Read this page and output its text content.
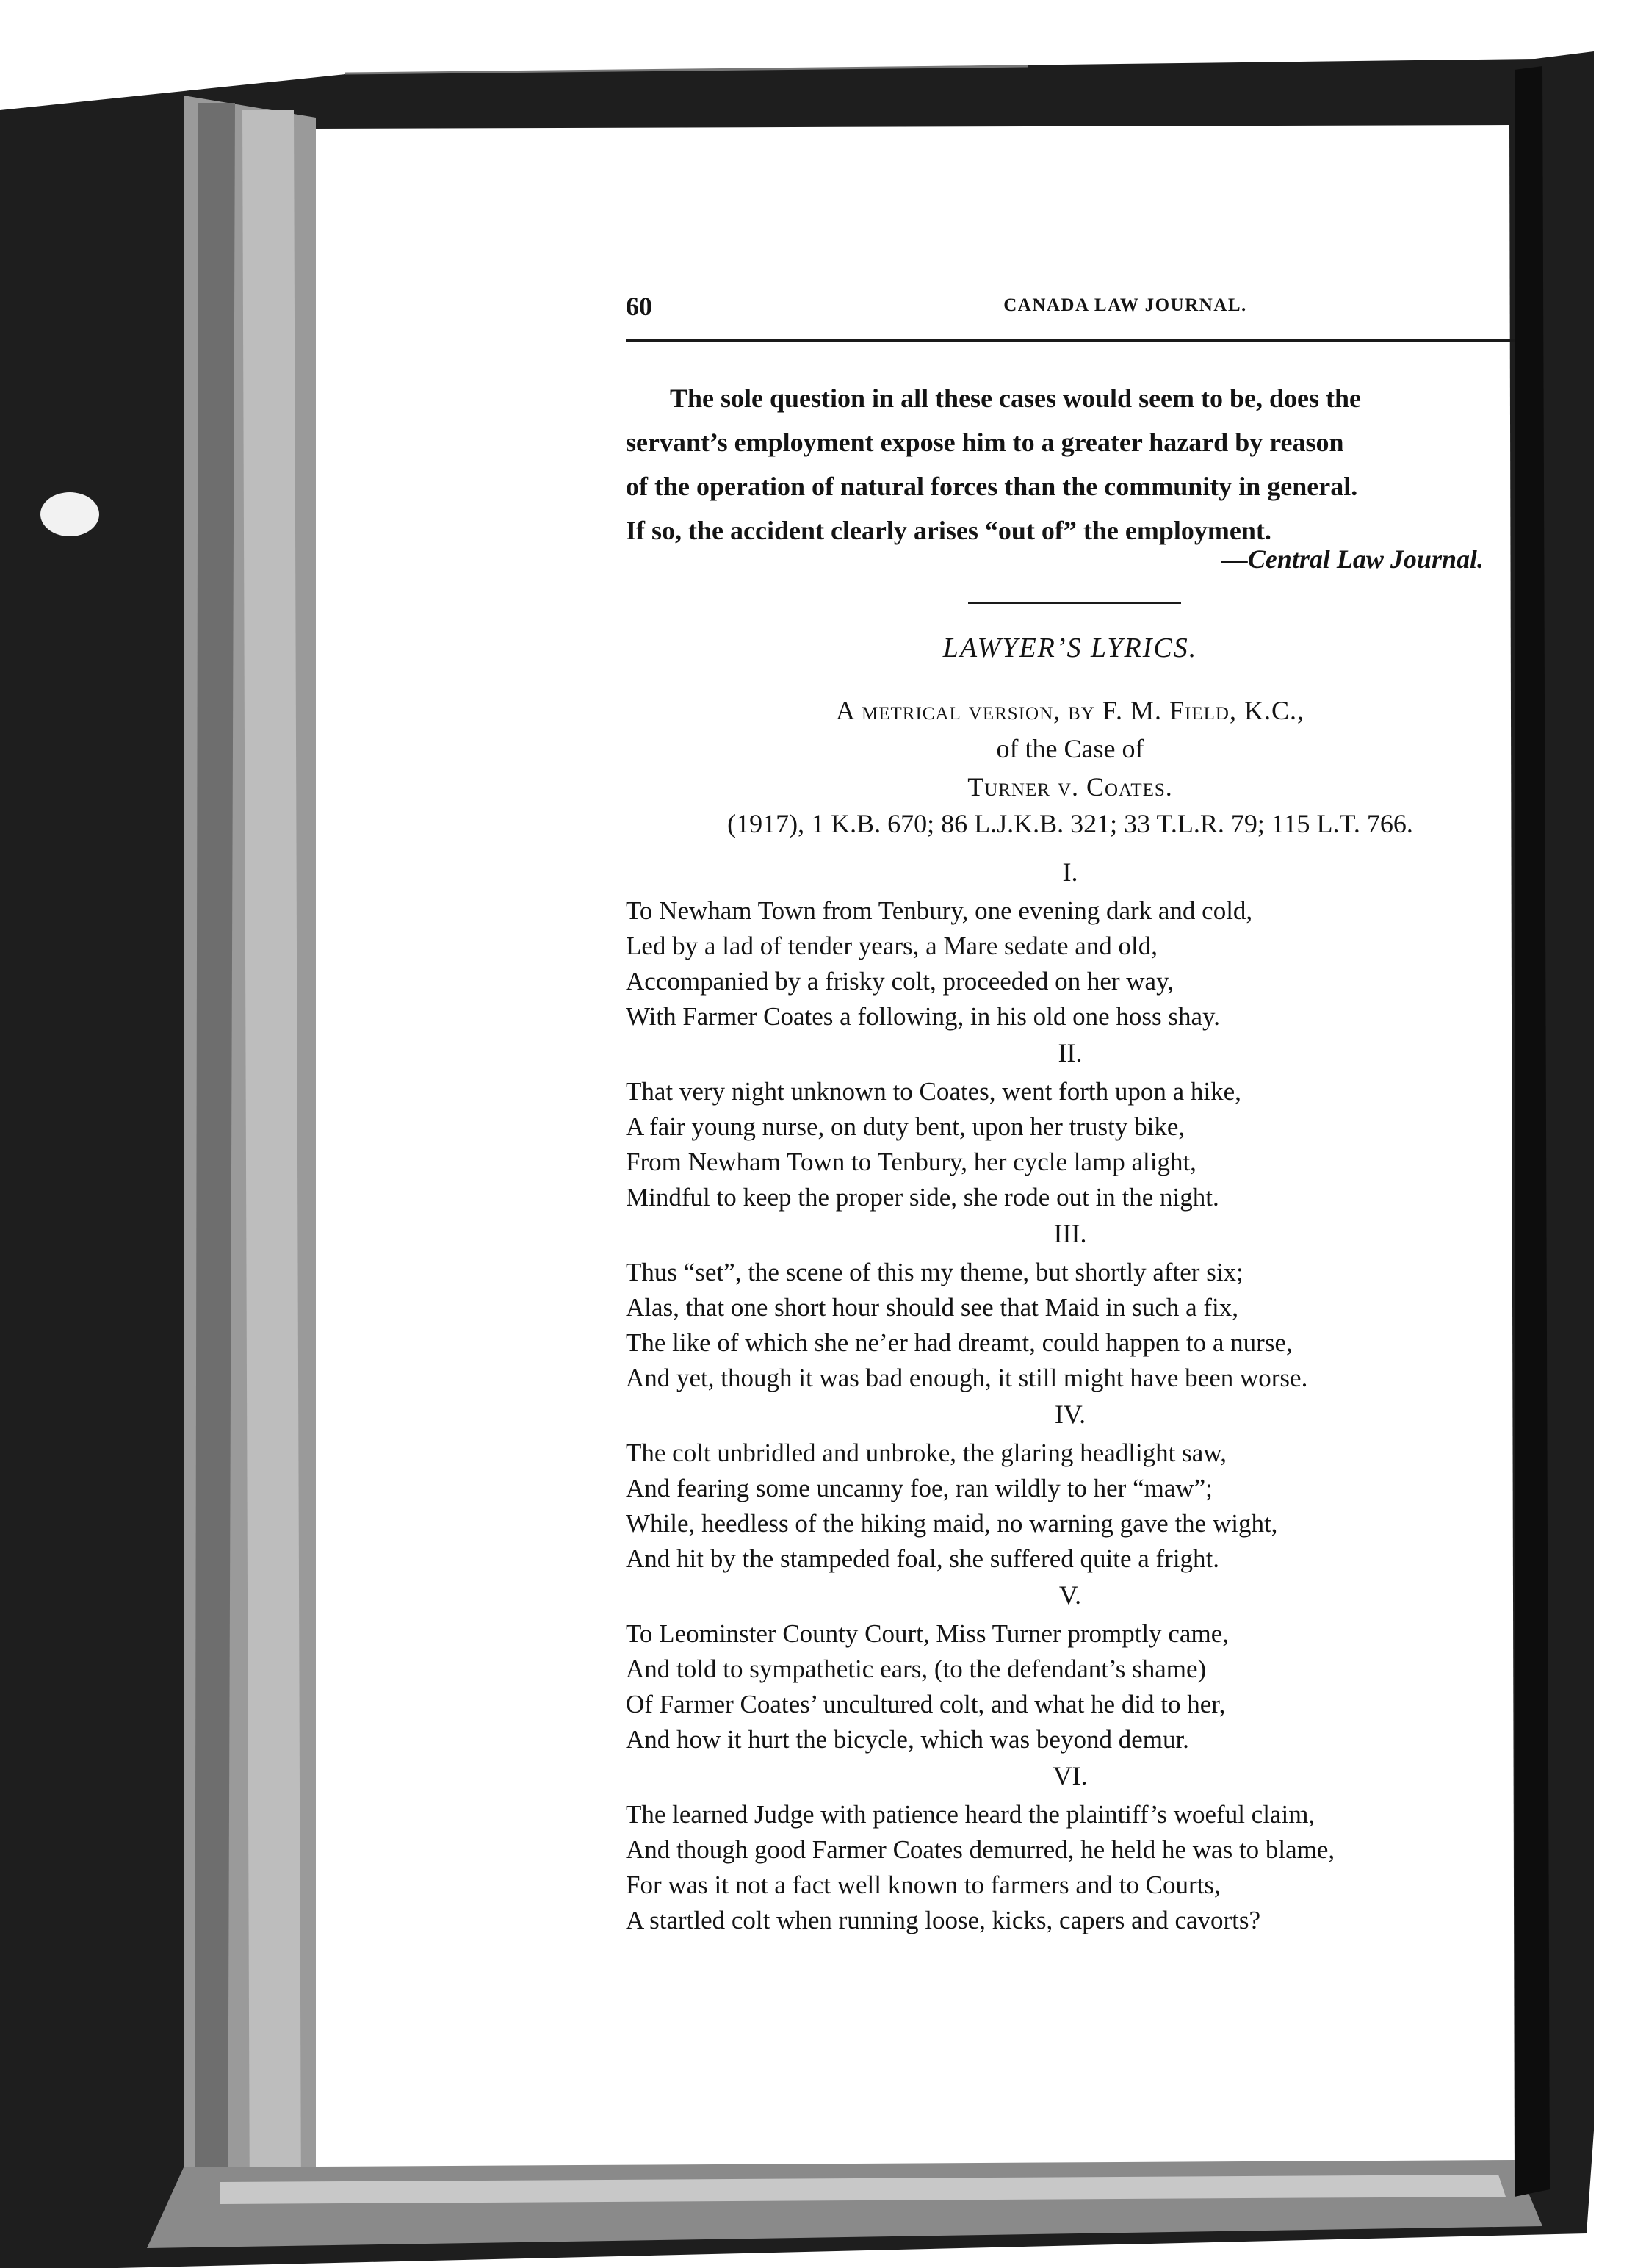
60	CANADA LAW JOURNAL.
The sole question in all these cases would seem to be, does the
servant’s employment expose him to a greater hazard by reason
of the operation of natural forces than the community in general.
If so, the accident clearly arises “out of” the employment.
—Central Law Journal.
LAWYER’S LYRICS.
A metrical version, by F. M. Field, K.C.,
of the Case of
Turner v. Coates.
(1917), 1 K.B. 670; 86 L.J.K.B. 321; 33 T.L.R. 79; 115 L.T. 766.
I.
To Newham Town from Tenbury, one evening dark and cold,
Led by a lad of tender years, a Mare sedate and old,
Accompanied by a frisky colt, proceeded on her way,
With Farmer Coates a following, in his old one hoss shay.
II.
That very night unknown to Coates, went forth upon a hike,
A fair young nurse, on duty bent, upon her trusty bike,
From Newham Town to Tenbury, her cycle lamp alight,
Mindful to keep the proper side, she rode out in the night.
III.
Thus “set”, the scene of this my theme, but shortly after six;
Alas, that one short hour should see that Maid in such a fix,
The like of which she ne’er had dreamt, could happen to a nurse,
And yet, though it was bad enough, it still might have been worse.
IV.
The colt unbridled and unbroke, the glaring headlight saw,
And fearing some uncanny foe, ran wildly to her “maw”;
While, heedless of the hiking maid, no warning gave the wight,
And hit by the stampeded foal, she suffered quite a fright.
V.
To Leominster County Court, Miss Turner promptly came,
And told to sympathetic ears, (to the defendant’s shame)
Of Farmer Coates’ uncultured colt, and what he did to her,
And how it hurt the bicycle, which was beyond demur.
VI.
The learned Judge with patience heard the plaintiff’s woeful claim,
And though good Farmer Coates demurred, he held he was to blame,
For was it not a fact well known to farmers and to Courts,
A startled colt when running loose, kicks, capers and cavorts?
